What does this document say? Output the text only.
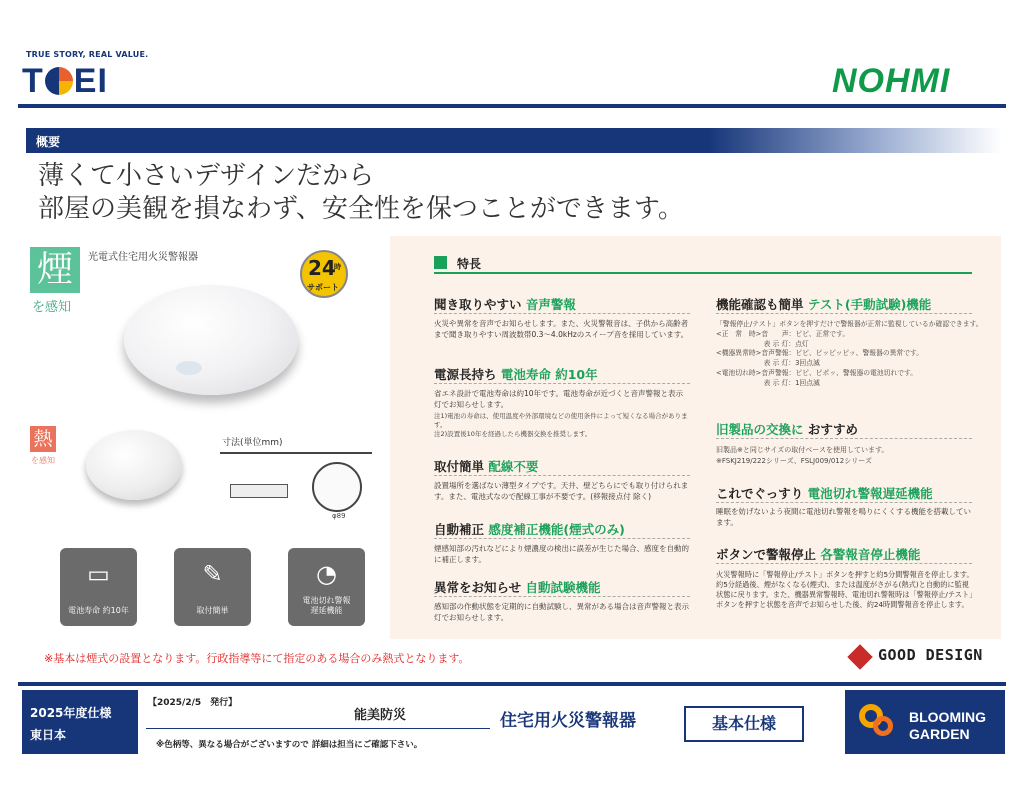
TRUE STORY, REAL VALUE.
T EI	NOHMI
概要
薄くて小さいデザインだから
部屋の美観を損なわず、安全性を保つことができます。
煙
を感知
光電式住宅用火災警報器	24
時
サポート
熱
を感知
寸法(単位mm)
φ89
▭
電池寿命 約10年
✎
取付簡単
◔
電池切れ警報
遅延機能
特長
聞き取りやすい 音声警報
火災や異常を音声でお知らせします。また、火災警報音は、子供から高齢者まで聞き取りやすい周波数帯0.3〜4.0kHzのスイープ音を採用しています。
電源長持ち 電池寿命 約10年
省エネ設計で電池寿命は約10年です。電池寿命が近づくと音声警報と表示灯でお知らせします。
注1)電池の寿命は、使用温度や外部環境などの使用条件によって短くなる場合があります。
注2)設置後10年を経過したら機器交換を推奨します。
取付簡単 配線不要
設置場所を選ばない薄型タイプです。天井、壁どちらにでも取り付けられます。また、電池式なので配線工事が不要です。(移報接点付 除く)
自動補正 感度補正機能(煙式のみ)
煙感知部の汚れなどにより煙濃度の検出に誤差が生じた場合、感度を自動的に補正します。
異常をお知らせ 自動試験機能
感知部の作動状態を定期的に自動試験し、異常がある場合は音声警報と表示灯でお知らせします。
機能確認も簡単 テスト(手動試験)機能
「警報停止/テスト」ボタンを押すだけで警報器が正常に監視しているか確認できます。
<正　常　時>音　　声：ピピ、正常です。
　　　　　　　表 示 灯：点灯
<機器異常時>音声警報：ピピ、ピッピッピッ、警報器の異常です。
　　　　　　　表 示 灯：3回点滅
<電池切れ時>音声警報：ピピ、ピポッ、警報器の電池切れです。
　　　　　　　表 示 灯：1回点滅
旧製品の交換に おすすめ
旧製品※と同じサイズの取付ベースを使用しています。
※FSKJ219/222シリーズ、FSLJ009/012シリーズ
これでぐっすり 電池切れ警報遅延機能
睡眠を妨げないよう夜間に電池切れ警報を鳴りにくくする機能を搭載しています。
ボタンで警報停止 各警報音停止機能
火災警報時に「警報停止/テスト」ボタンを押すと約5分間警報音を停止します。約5分経過後、煙がなくなる(煙式)、または温度がさがる(熱式)と自動的に監視状態に戻ります。また、機器異常警報時、電池切れ警報時は「警報停止/テスト」ボタンを押すと状態を音声でお知らせした後、約24時間警報音を停止します。
※基本は煙式の設置となります。行政指導等にて指定のある場合のみ熱式となります。	GOOD DESIGN
2025年度仕様
東日本
【2025/2/5　発行】
能美防災
※色柄等、異なる場合がございますので 詳細は担当にご確認下さい。
住宅用火災警報器	基本仕様	BLOOMING
GARDEN
